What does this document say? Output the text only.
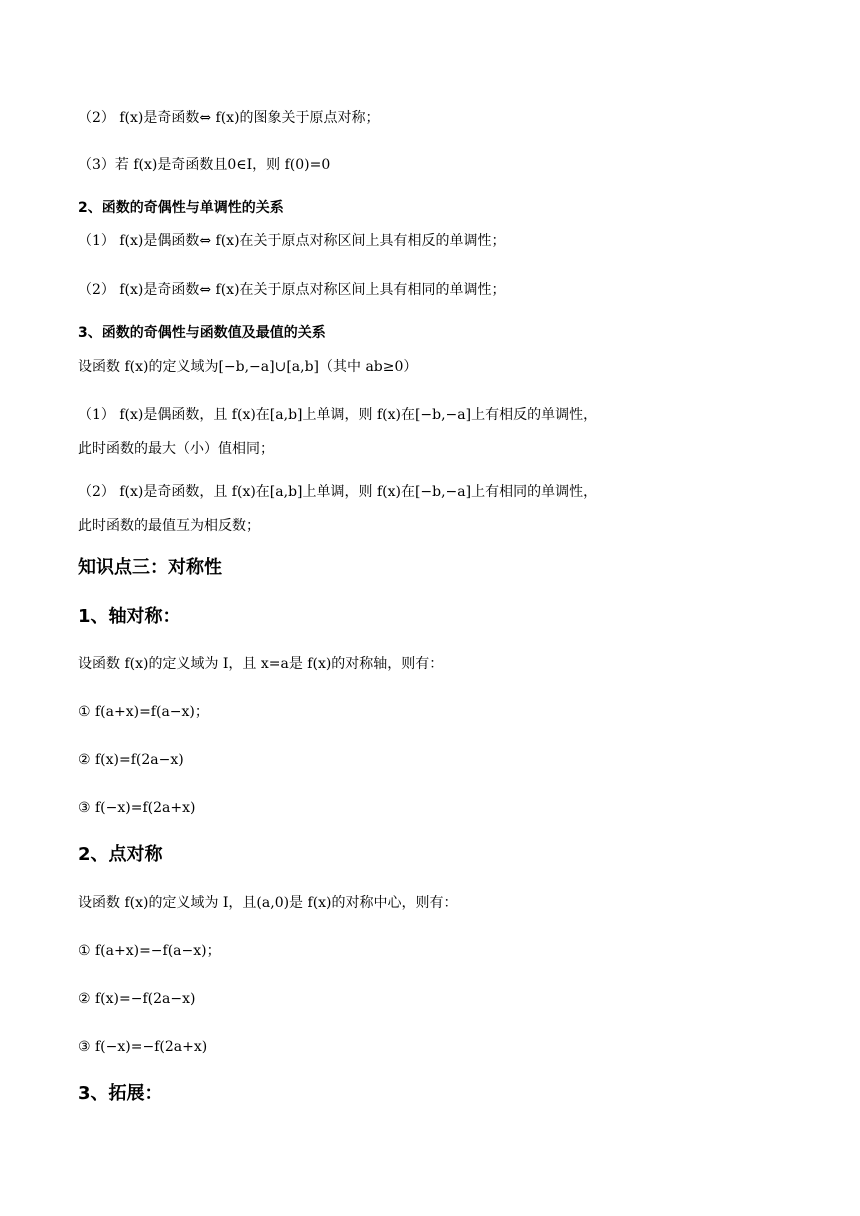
（2） f(x)是奇函数⇔ f(x)的图象关于原点对称；
（3）若 f(x)是奇函数且0∈I，则 f(0)=0
2、函数的奇偶性与单调性的关系
（1） f(x)是偶函数⇔ f(x)在关于原点对称区间上具有相反的单调性；
（2） f(x)是奇函数⇔ f(x)在关于原点对称区间上具有相同的单调性；
3、函数的奇偶性与函数值及最值的关系
设函数 f(x)的定义域为[−b,−a]∪[a,b]（其中 ab≥0）
（1） f(x)是偶函数，且 f(x)在[a,b]上单调，则 f(x)在[−b,−a]上有相反的单调性，
此时函数的最大（小）值相同；
（2） f(x)是奇函数，且 f(x)在[a,b]上单调，则 f(x)在[−b,−a]上有相同的单调性，
此时函数的最值互为相反数；
知识点三：对称性
1、轴对称：
设函数 f(x)的定义域为 I，且 x=a是 f(x)的对称轴，则有：
① f(a+x)=f(a−x)；
② f(x)=f(2a−x)
③ f(−x)=f(2a+x)
2、点对称
设函数 f(x)的定义域为 I，且(a,0)是 f(x)的对称中心，则有：
① f(a+x)=−f(a−x)；
② f(x)=−f(2a−x)
③ f(−x)=−f(2a+x)
3、拓展：
